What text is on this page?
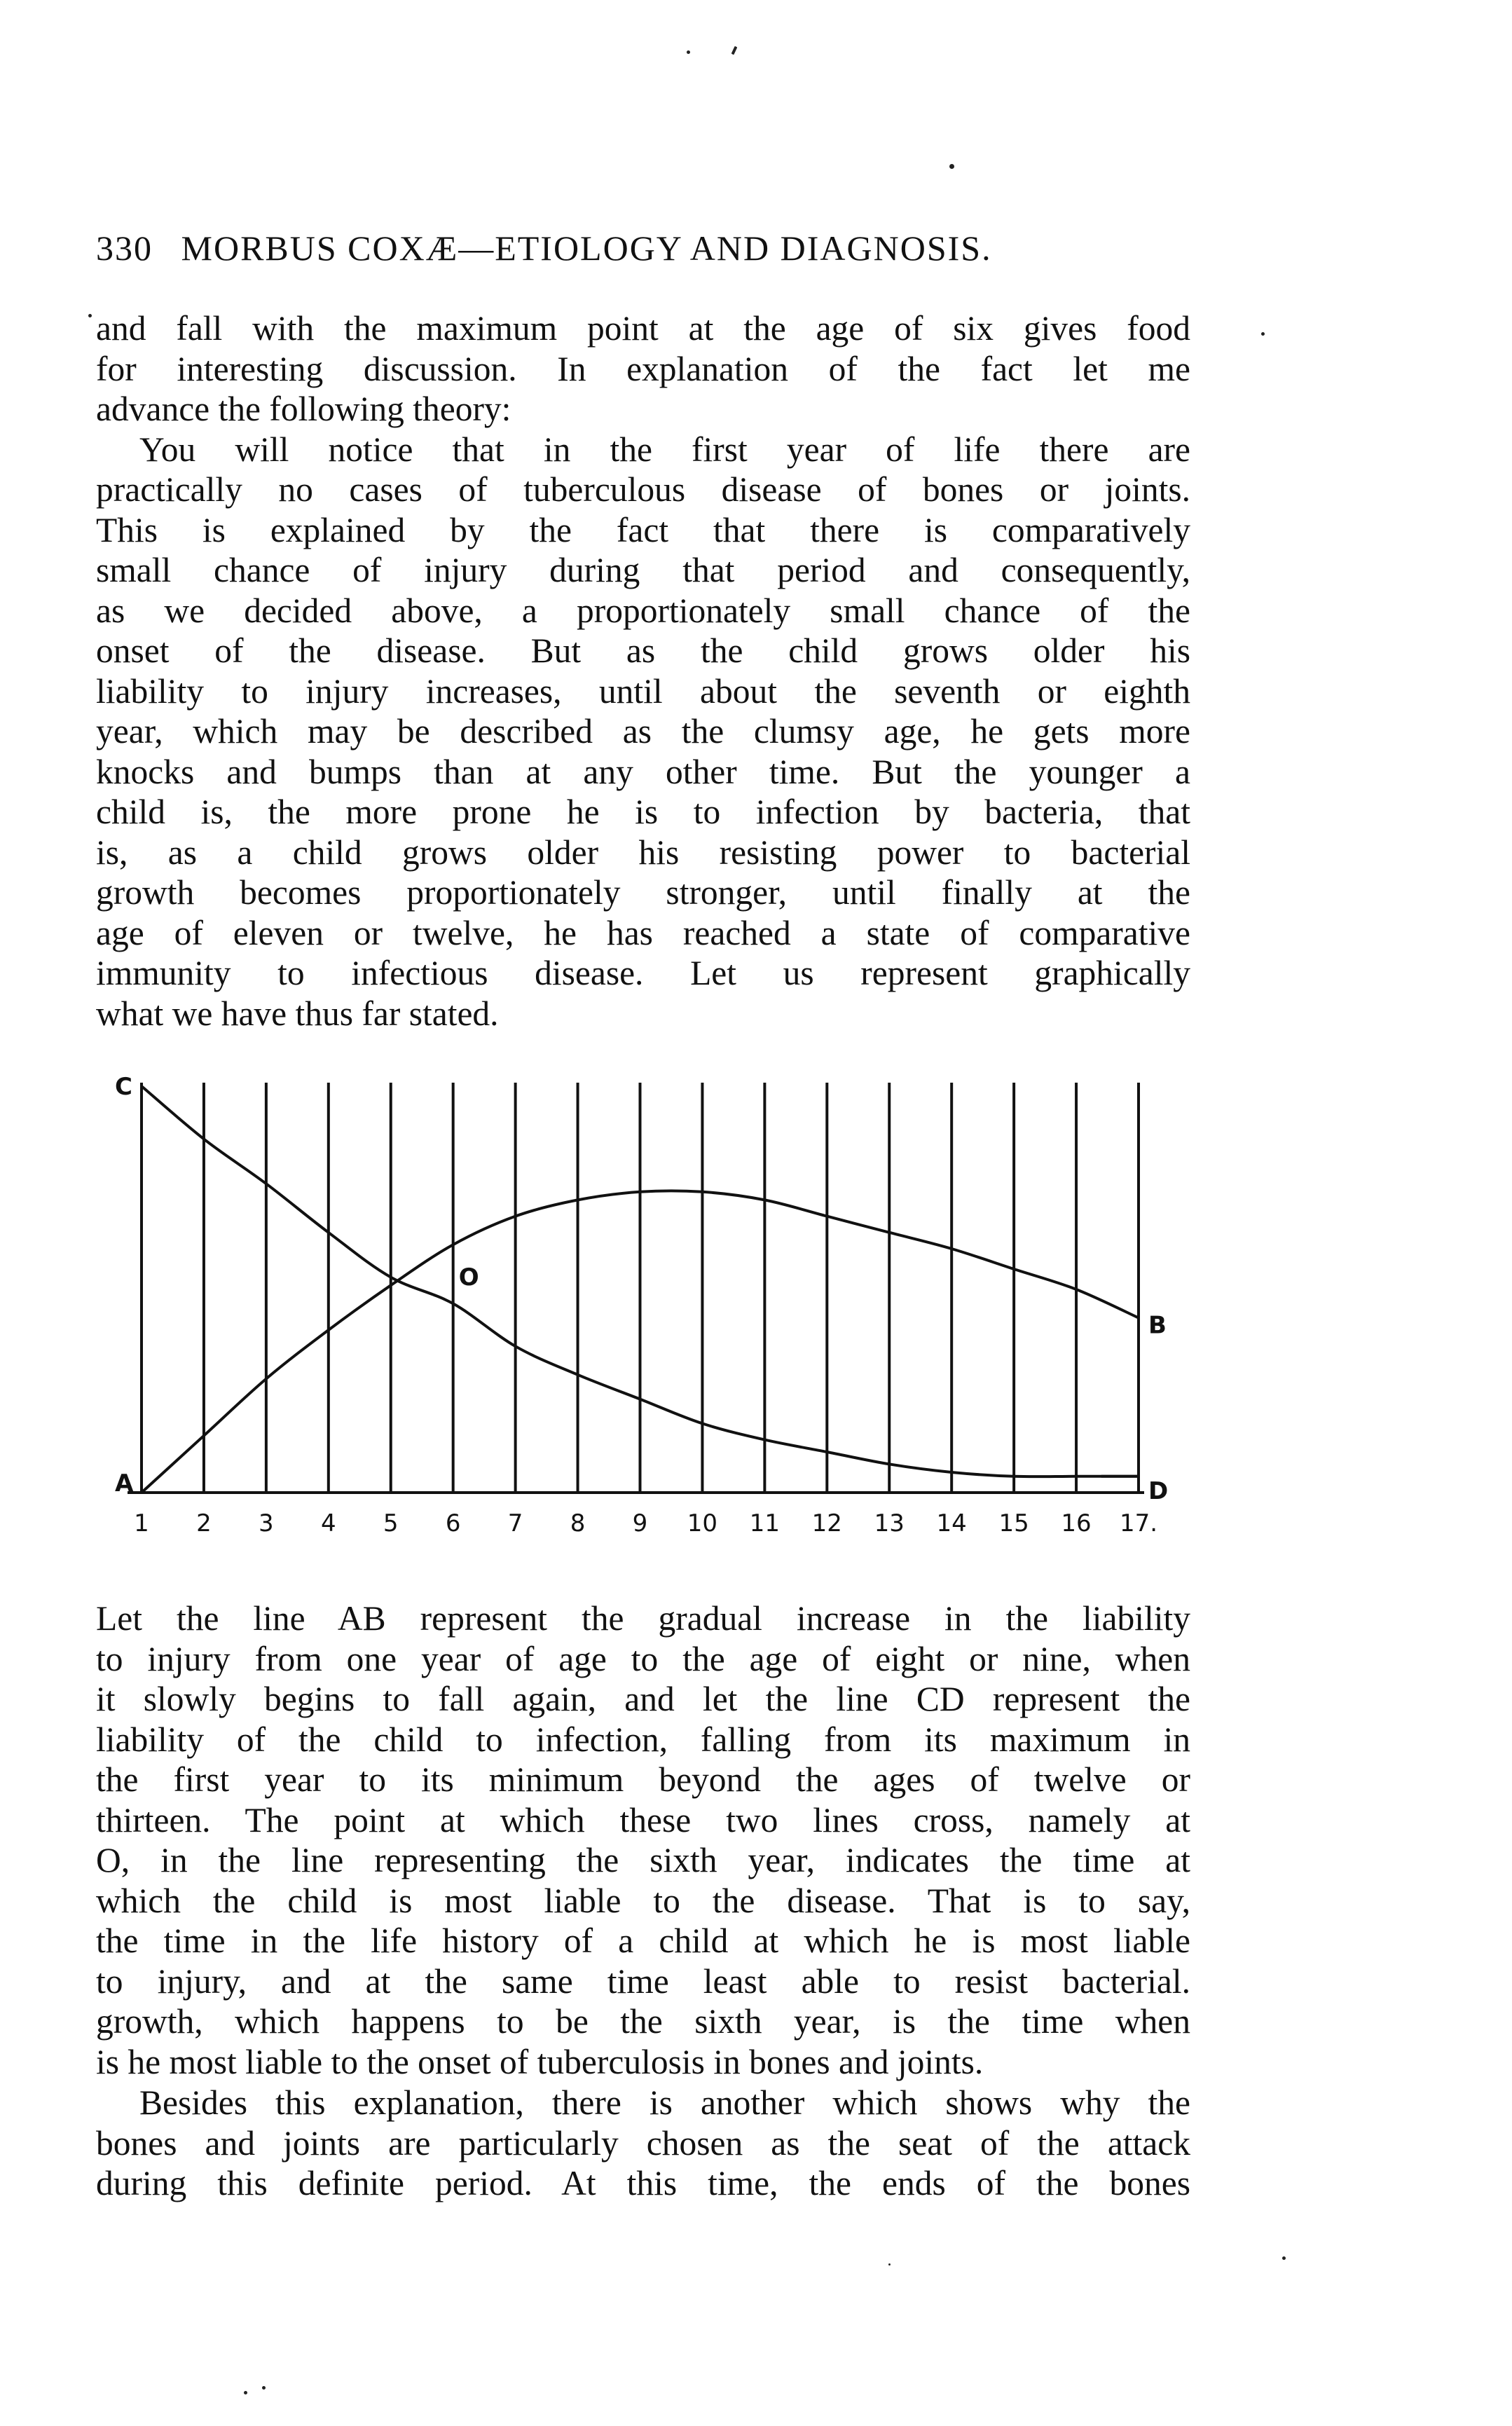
330 MORBUS COXÆ—ETIOLOGY AND DIAGNOSIS.
and fall with the maximum point at the age of six gives food
for interesting discussion. In explanation of the fact let me
advance the following theory:
You will notice that in the first year of life there are
practically no cases of tuberculous disease of bones or joints.
This is explained by the fact that there is comparatively
small chance of injury during that period and consequently,
as we decided above, a proportionately small chance of the
onset of the disease. But as the child grows older his
liability to injury increases, until about the seventh or eighth
year, which may be described as the clumsy age, he gets more
knocks and bumps than at any other time. But the younger a
child is, the more prone he is to infection by bacteria, that
is, as a child grows older his resisting power to bacterial
growth becomes proportionately stronger, until finally at the
age of eleven or twelve, he has reached a state of comparative
immunity to infectious disease. Let us represent graphically
what we have thus far stated.
1 2 3 4 5 6 7 8 9 10 11 12 13 14 15 16 17.
A
B
C
D
O
Let the line AB represent the gradual increase in the liability
to injury from one year of age to the age of eight or nine, when
it slowly begins to fall again, and let the line CD represent the
liability of the child to infection, falling from its maximum in
the first year to its minimum beyond the ages of twelve or
thirteen. The point at which these two lines cross, namely at
O, in the line representing the sixth year, indicates the time at
which the child is most liable to the disease. That is to say,
the time in the life history of a child at which he is most liable
to injury, and at the same time least able to resist bacterial.
growth, which happens to be the sixth year, is the time when
is he most liable to the onset of tuberculosis in bones and joints.
Besides this explanation, there is another which shows why the
bones and joints are particularly chosen as the seat of the attack
during this definite period. At this time, the ends of the bones
